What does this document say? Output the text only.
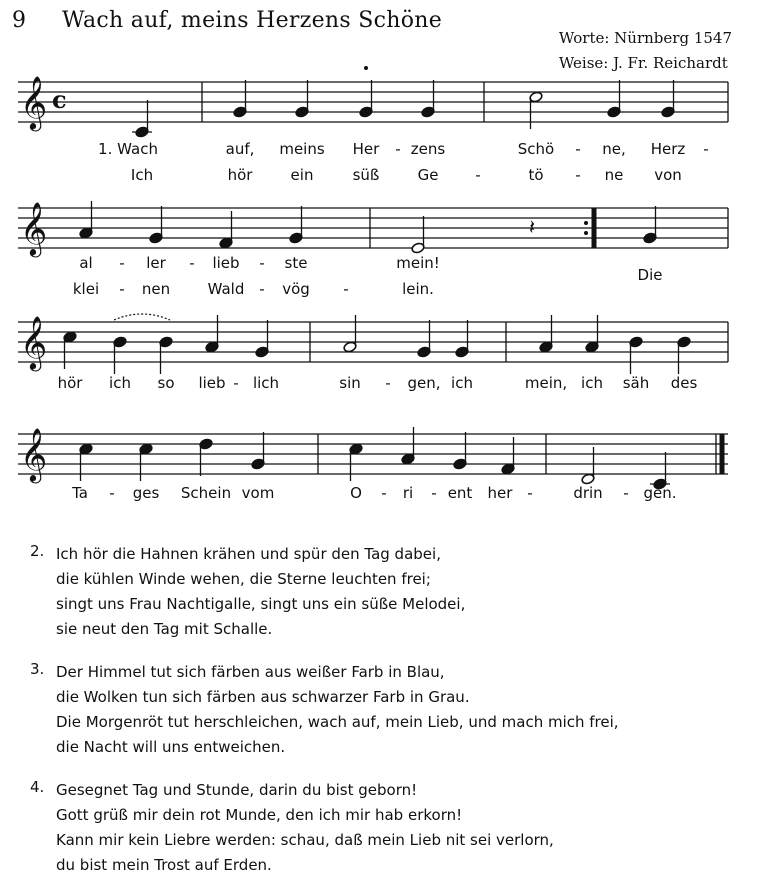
9 Wach auf, meins Herzens Schöne
Worte: Nürnberg 1547
Weise: J. Fr. Reichardt
𝄞 c
𝄞	𝄽
𝄞
𝄞
1. Wach	auf, meins Her - zens	Schö - ne, Herz -
Ich	hör	ein	süß	Ge -	tö - ne von
al - ler - lieb - ste	mein!
klei - nen Wald - vög -	lein.
Die
hör ich so lieb - lich	sin - gen, ich	mein, ich säh des
Ta - ges Schein vom	O - ri - ent her -	drin - gen.
2. Ich hör die Hahnen krähen und spür den Tag dabei,
die kühlen Winde wehen, die Sterne leuchten frei;
singt uns Frau Nachtigalle, singt uns ein süße Melodei,
sie neut den Tag mit Schalle.
3. Der Himmel tut sich färben aus weißer Farb in Blau,
die Wolken tun sich färben aus schwarzer Farb in Grau.
Die Morgenröt tut herschleichen, wach auf, mein Lieb, und mach mich frei,
die Nacht will uns entweichen.
4. Gesegnet Tag und Stunde, darin du bist geborn!
Gott grüß mir dein rot Munde, den ich mir hab erkorn!
Kann mir kein Liebre werden: schau, daß mein Lieb nit sei verlorn,
du bist mein Trost auf Erden.
